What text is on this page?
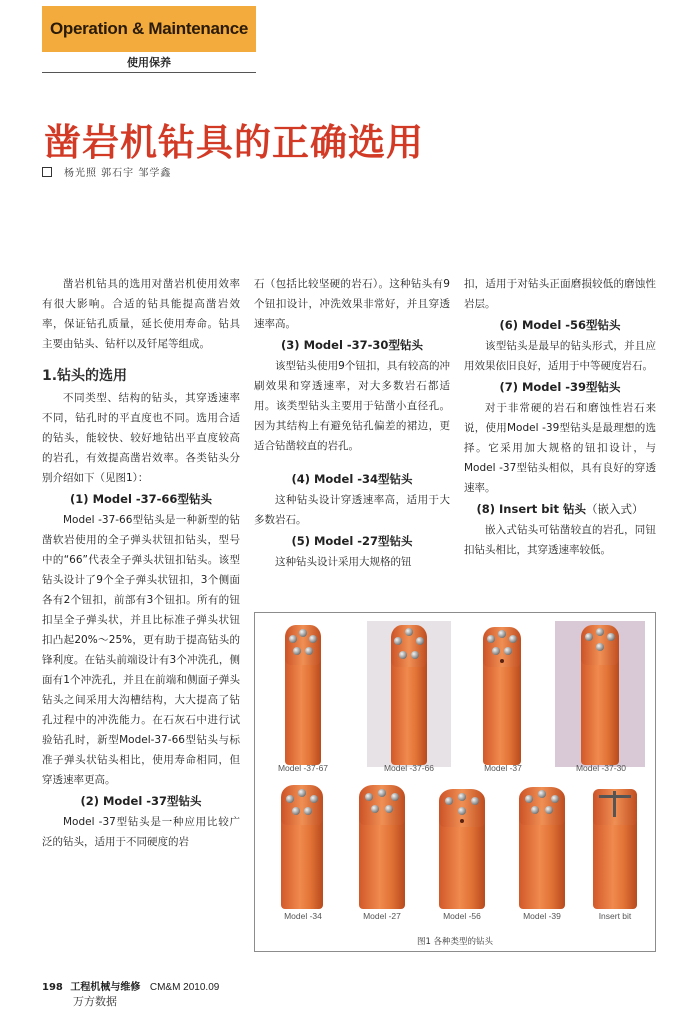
Operation & Maintenance
使用保养
凿岩机钻具的正确选用
杨光照 郭石宇 邹学鑫

凿岩机钻具的选用对凿岩机使用效率有很大影响。合适的钻具能提高凿岩效率，保证钻孔质量，延长使用寿命。钻具主要由钻头、钻杆以及钎尾等组成。

1.钻头的选用

不同类型、结构的钻头，其穿透速率不同，钻孔时的平直度也不同。选用合适的钻头，能较快、较好地钻出平直度较高的岩孔，有效提高凿岩效率。各类钻头分别介绍如下（见图1）：

(1) Model -37-66型钻头

Model -37-66型钻头是一种新型的钻凿软岩使用的全子弹头状钮扣钻头，型号中的“66”代表全子弹头状钮扣钻头。该型钻头设计了9个全子弹头状钮扣，3个侧面各有2个钮扣，前部有3个钮扣。所有的钮扣呈全子弹头状，并且比标准子弹头状钮扣凸起20%～25%，更有助于提高钻头的锋利度。在钻头前端设计有3个冲洗孔，侧面有1个冲洗孔，并且在前端和侧面子弹头钻头之间采用大沟槽结构，大大提高了钻孔过程中的冲洗能力。在石灰石中进行试验钻孔时，新型Model-37-66型钻头与标准子弹头状钻头相比，使用寿命相同，但穿透速率更高。

(2) Model -37型钻头

Model -37型钻头是一种应用比较广泛的钻头，适用于不同硬度的岩

石（包括比较坚硬的岩石）。这种钻头有9个钮扣设计，冲洗效果非常好，并且穿透速率高。

(3) Model -37-30型钻头

该型钻头使用9个钮扣，具有较高的冲刷效果和穿透速率，对大多数岩石都适用。该类型钻头主要用于钻凿小直径孔。因为其结构上有避免钻孔偏差的裙边，更适合钻凿较直的岩孔。

(4) Model -34型钻头

这种钻头设计穿透速率高，适用于大多数岩石。

(5) Model -27型钻头

这种钻头设计采用大规格的钮

扣，适用于对钻头正面磨损较低的磨蚀性岩层。

(6) Model -56型钻头

该型钻头是最早的钻头形式，并且应用效果依旧良好，适用于中等硬度岩石。

(7) Model -39型钻头

对于非常硬的岩石和磨蚀性岩石来说，使用Model -39型钻头是最理想的选择。它采用加大规格的钮扣设计，与Model -37型钻头相似，具有良好的穿透速率。

(8) Insert bit 钻头（嵌入式）

嵌入式钻头可钻凿较直的岩孔，同钮扣钻头相比，其穿透速率较低。

Model -37-67	Model -37-66	Model -37	Model -37-30
Model -34	Model -27	Model -56	Model -39	Insert bit
图1 各种类型的钻头
198 工程机械与维修 CM&M 2010.09
万方数据
